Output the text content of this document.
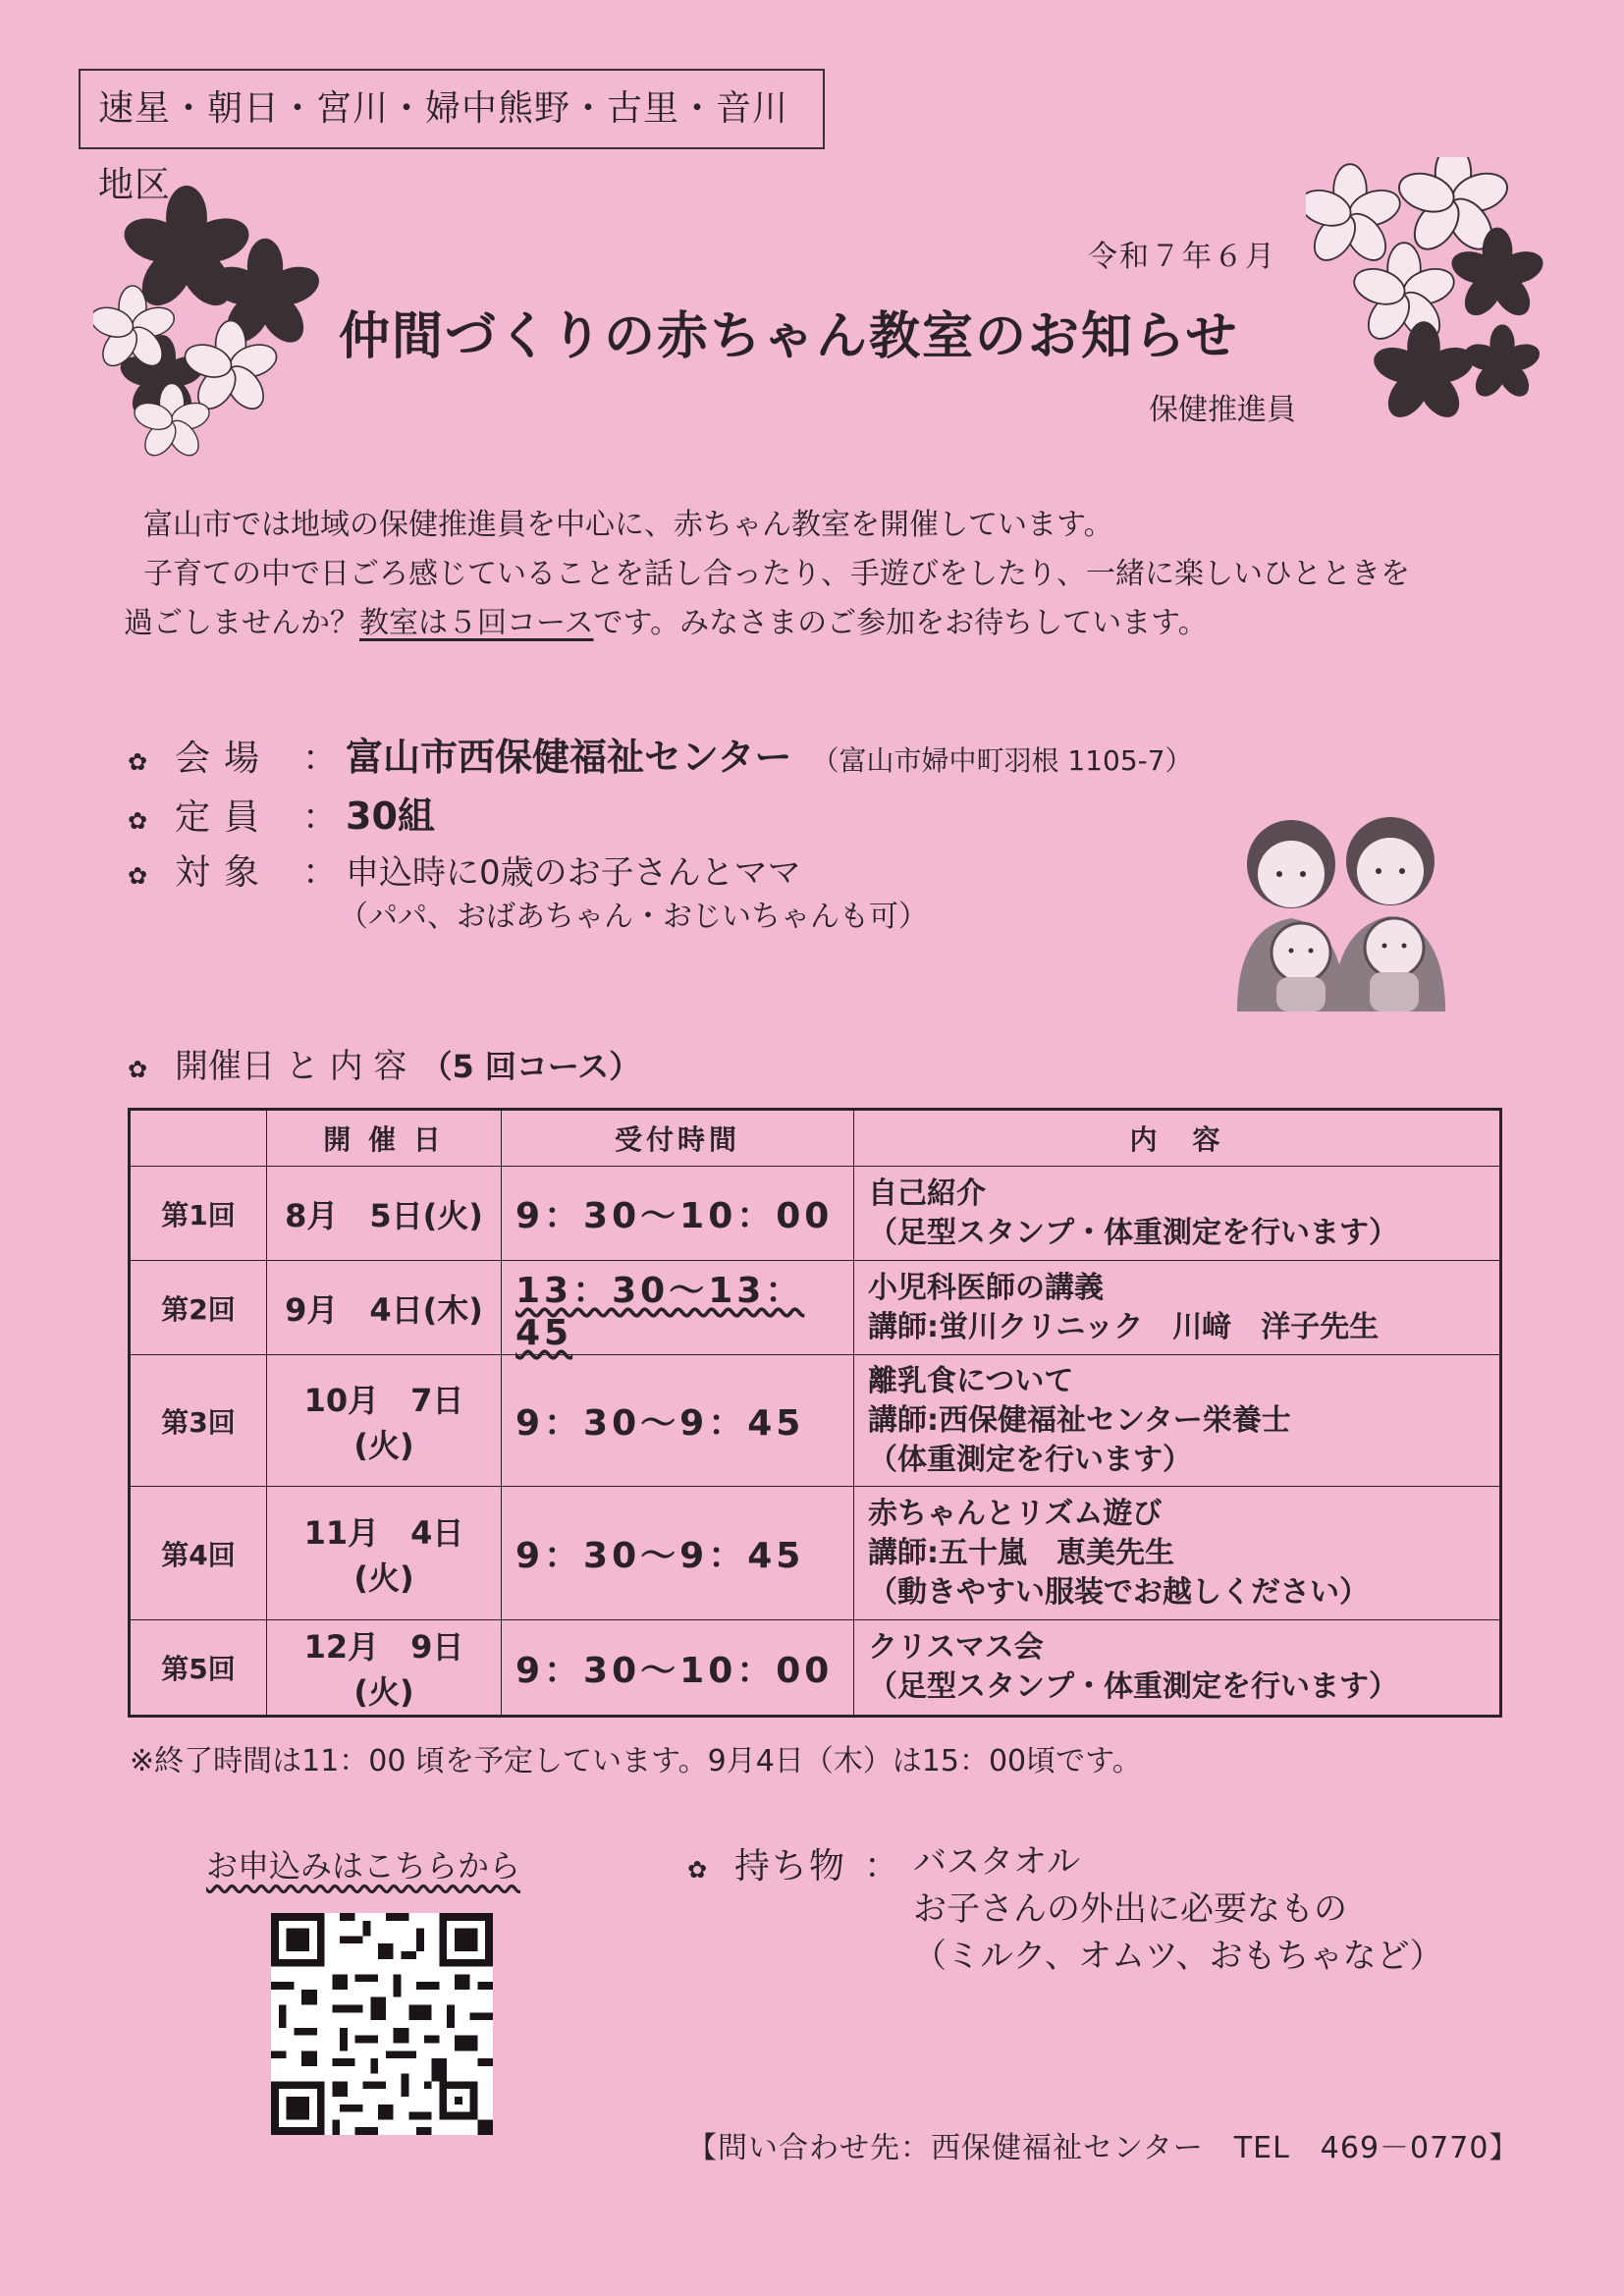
速星・朝日・宮川・婦中熊野・古里・音川地区
令和７年６月
仲間づくりの赤ちゃん教室のお知らせ
保健推進員
富山市では地域の保健推進員を中心に、赤ちゃん教室を開催しています。
子育ての中で日ごろ感じていることを話し合ったり、手遊びをしたり、一緒に楽しいひとときを
過ごしませんか？教室は５回コースです。みなさまのご参加をお待ちしています。
✿ 会場 ： 富山市西保健福祉センター （富山市婦中町羽根 1105-7）
✿ 定員 ： 30組
✿ 対象 ： 申込時に0歳のお子さんとママ
（パパ、おばあちゃん・おじいちゃんも可）
✿ 開催日 と 内 容 （5 回コース）
	開 催 日	受付時間	内　容
第1回	8月　5日(火)	9：30～10：00	自己紹介
（足型スタンプ・体重測定を行います）

第2回	9月　4日(木)	13：30～13：45	小児科医師の講義
講師:蛍川クリニック　川﨑　洋子先生

第3回	10月　7日(火)	9：30～9：45	離乳食について
講師:西保健福祉センター栄養士
（体重測定を行います）

第4回	11月　4日(火)	9：30～9：45	赤ちゃんとリズム遊び
講師:五十嵐　恵美先生
（動きやすい服装でお越しください）

第5回	12月　9日(火)	9：30～10：00	クリスマス会
（足型スタンプ・体重測定を行います）
※終了時間は11：00 頃を予定しています。9月4日（木）は15：00頃です。
お申込みはこちらから	✿ 持ち物 ： バスタオル
お子さんの外出に必要なもの
（ミルク、オムツ、おもちゃなど）
【問い合わせ先：西保健福祉センター　TEL　469－0770】
